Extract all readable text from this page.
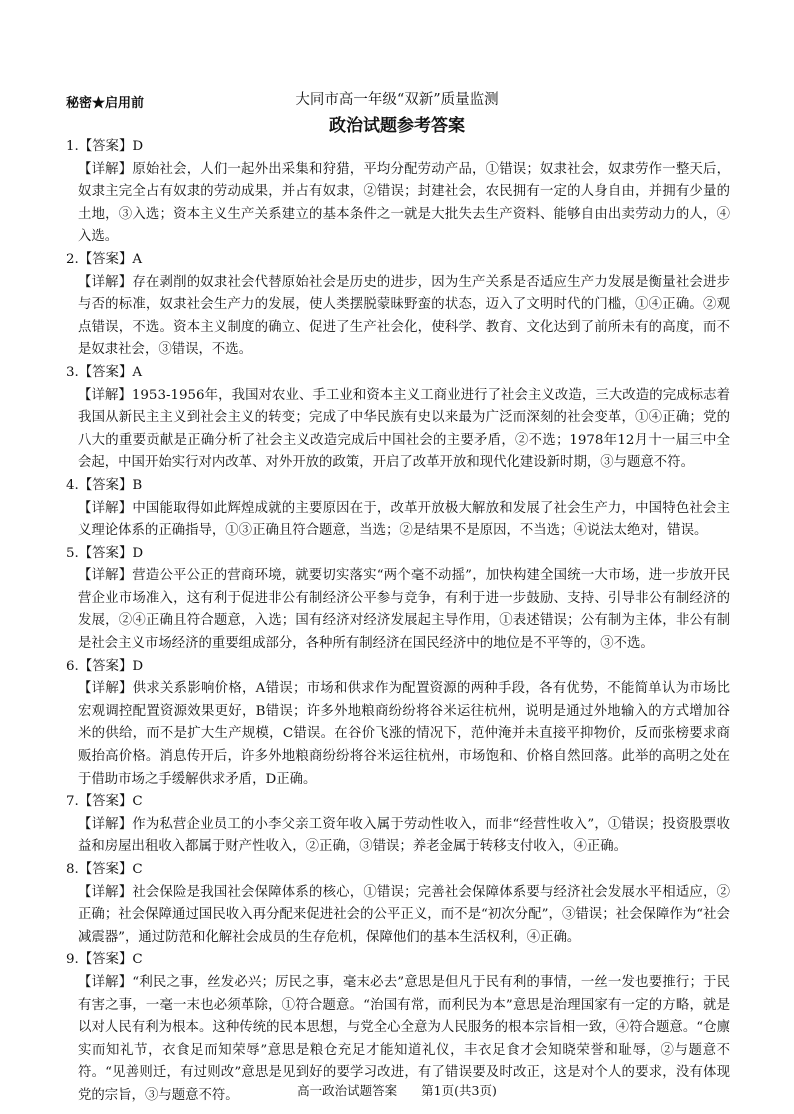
秘密★启用前	大同市高一年级“双新”质量监测
政治试题参考答案

1.【答案】D

【详解】原始社会，人们一起外出采集和狩猎，平均分配劳动产品，①错误；奴隶社会，奴隶劳作一整天后，奴隶主完全占有奴隶的劳动成果，并占有奴隶，②错误；封建社会，农民拥有一定的人身自由，并拥有少量的土地，③入选；资本主义生产关系建立的基本条件之一就是大批失去生产资料、能够自由出卖劳动力的人，④入选。

2.【答案】A

【详解】存在剥削的奴隶社会代替原始社会是历史的进步，因为生产关系是否适应生产力发展是衡量社会进步与否的标准，奴隶社会生产力的发展，使人类摆脱蒙昧野蛮的状态，迈入了文明时代的门槛，①④正确。②观点错误，不选。资本主义制度的确立、促进了生产社会化，使科学、教育、文化达到了前所未有的高度，而不是奴隶社会，③错误，不选。

3.【答案】A

【详解】1953-1956年，我国对农业、手工业和资本主义工商业进行了社会主义改造，三大改造的完成标志着我国从新民主主义到社会主义的转变；完成了中华民族有史以来最为广泛而深刻的社会变革，①④正确；党的八大的重要贡献是正确分析了社会主义改造完成后中国社会的主要矛盾，②不选；1978年12月十一届三中全会起，中国开始实行对内改革、对外开放的政策，开启了改革开放和现代化建设新时期，③与题意不符。

4.【答案】B

【详解】中国能取得如此辉煌成就的主要原因在于，改革开放极大解放和发展了社会生产力，中国特色社会主义理论体系的正确指导，①③正确且符合题意，当选；②是结果不是原因，不当选；④说法太绝对，错误。

5.【答案】D

【详解】营造公平公正的营商环境，就要切实落实“两个毫不动摇”，加快构建全国统一大市场，进一步放开民营企业市场准入，这有利于促进非公有制经济公平参与竞争，有利于进一步鼓励、支持、引导非公有制经济的发展，②④正确且符合题意，入选；国有经济对经济发展起主导作用，①表述错误；公有制为主体，非公有制是社会主义市场经济的重要组成部分，各种所有制经济在国民经济中的地位是不平等的，③不选。

6.【答案】D

【详解】供求关系影响价格，A错误；市场和供求作为配置资源的两种手段，各有优势，不能简单认为市场比宏观调控配置资源效果更好，B错误；许多外地粮商纷纷将谷米运往杭州，说明是通过外地输入的方式增加谷米的供给，而不是扩大生产规模，C错误。在谷价飞涨的情况下，范仲淹并未直接平抑物价，反而张榜要求商贩抬高价格。消息传开后，许多外地粮商纷纷将谷米运往杭州，市场饱和、价格自然回落。此举的高明之处在于借助市场之手缓解供求矛盾，D正确。

7.【答案】C

【详解】作为私营企业员工的小李父亲工资年收入属于劳动性收入，而非“经营性收入”，①错误；投资股票收益和房屋出租收入都属于财产性收入，②正确，③错误；养老金属于转移支付收入，④正确。

8.【答案】C

【详解】社会保险是我国社会保障体系的核心，①错误；完善社会保障体系要与经济社会发展水平相适应，②正确；社会保障通过国民收入再分配来促进社会的公平正义，而不是“初次分配”，③错误；社会保障作为“社会减震器”，通过防范和化解社会成员的生存危机，保障他们的基本生活权利，④正确。

9.【答案】C

【详解】“利民之事，丝发必兴；厉民之事，毫末必去”意思是但凡于民有利的事情，一丝一发也要推行；于民有害之事，一毫一末也必须革除，①符合题意。“治国有常，而利民为本”意思是治理国家有一定的方略，就是以对人民有利为根本。这种传统的民本思想，与党全心全意为人民服务的根本宗旨相一致，④符合题意。“仓廪实而知礼节，衣食足而知荣辱”意思是粮仓充足才能知道礼仪，丰衣足食才会知晓荣誉和耻辱，②与题意不符。“见善则迁，有过则改”意思是见到好的要学习改进，有了错误要及时改正，这是对个人的要求，没有体现党的宗旨，③与题意不符。	高一政治试题答案 第1页(共3页)
